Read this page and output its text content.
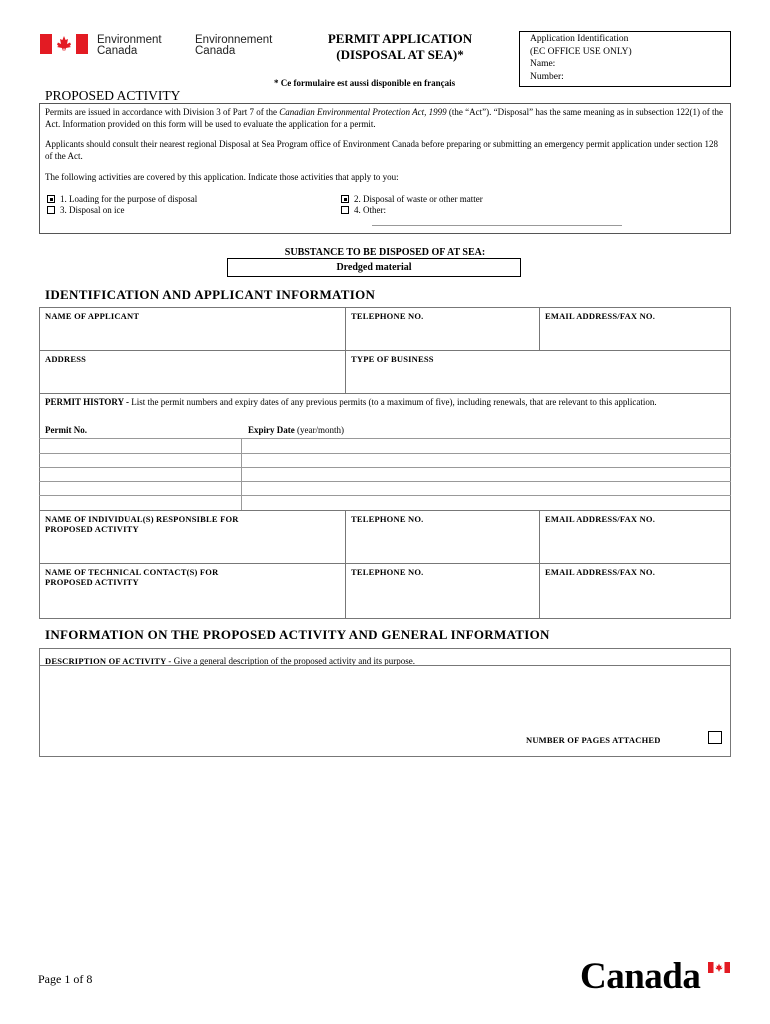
Environment
Canada
Environnement
Canada
PERMIT APPLICATION
(DISPOSAL AT SEA)*
* Ce formulaire est aussi disponible en français
Application Identification
(EC OFFICE USE ONLY)
Name:
Number:
PROPOSED ACTIVITY
Permits are issued in accordance with Division 3 of Part 7 of the Canadian Environmental Protection Act, 1999 (the “Act”). “Disposal” has the same meaning as in subsection 122(1) of the Act. Information provided on this form will be used to evaluate the application for a permit.
Applicants should consult their nearest regional Disposal at Sea Program office of Environment Canada before preparing or submitting an emergency permit application under section 128 of the Act.
The following activities are covered by this application. Indicate those activities that apply to you:
1. Loading for the purpose of disposal
3. Disposal on ice
2. Disposal of waste or other matter
4. Other:
SUBSTANCE TO BE DISPOSED OF AT SEA:
Dredged material
IDENTIFICATION AND APPLICANT INFORMATION
NAME OF APPLICANT	TELEPHONE NO.	EMAIL ADDRESS/FAX NO.
ADDRESS	TYPE OF BUSINESS
PERMIT HISTORY - List the permit numbers and expiry dates of any previous permits (to a maximum of five), including renewals, that are relevant to this application.
Permit No.	Expiry Date (year/month)
NAME OF INDIVIDUAL(S) RESPONSIBLE FOR
PROPOSED ACTIVITY
TELEPHONE NO.	EMAIL ADDRESS/FAX NO.
NAME OF TECHNICAL CONTACT(S) FOR
PROPOSED ACTIVITY
TELEPHONE NO.	EMAIL ADDRESS/FAX NO.
INFORMATION ON THE PROPOSED ACTIVITY AND GENERAL INFORMATION
DESCRIPTION OF ACTIVITY - Give a general description of the proposed activity and its purpose.
NUMBER OF PAGES ATTACHED
Page 1 of 8	Canada
